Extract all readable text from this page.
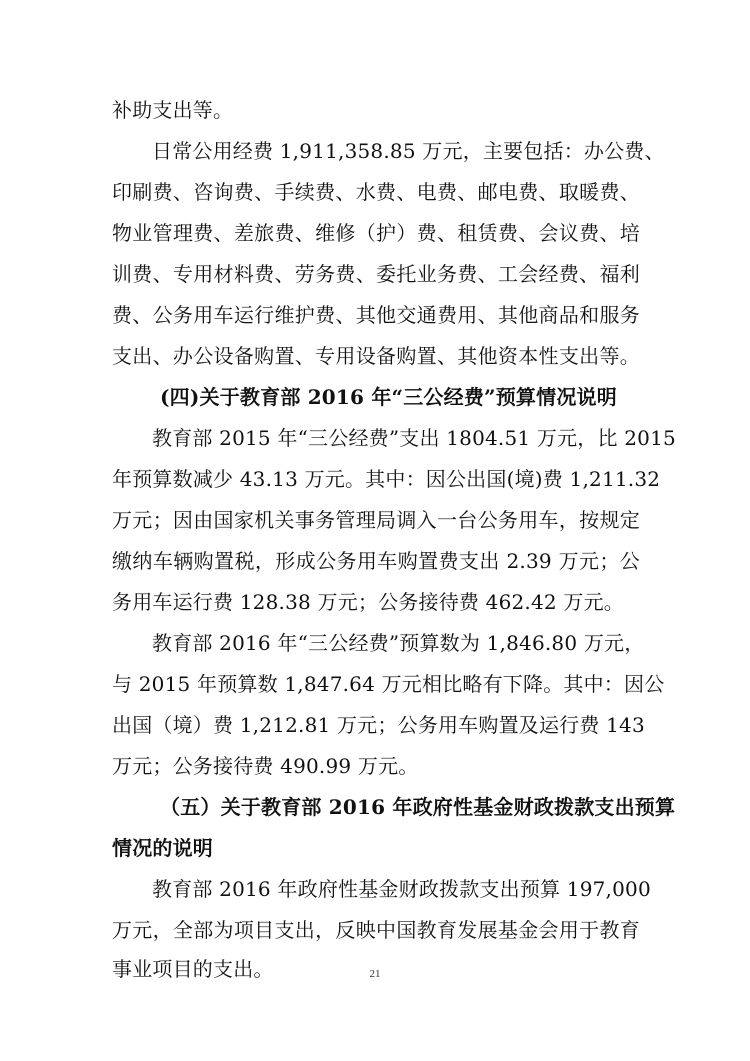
补助支出等。
日常公用经费 1,911,358.85 万元，主要包括：办公费、
印刷费、咨询费、手续费、水费、电费、邮电费、取暖费、
物业管理费、差旅费、维修（护）费、租赁费、会议费、培
训费、专用材料费、劳务费、委托业务费、工会经费、福利
费、公务用车运行维护费、其他交通费用、其他商品和服务
支出、办公设备购置、专用设备购置、其他资本性支出等。
(四)关于教育部 2016 年“三公经费”预算情况说明
教育部 2015 年“三公经费”支出 1804.51 万元，比 2015
年预算数减少 43.13 万元。其中：因公出国(境)费 1,211.32
万元；因由国家机关事务管理局调入一台公务用车，按规定
缴纳车辆购置税，形成公务用车购置费支出 2.39 万元；公
务用车运行费 128.38 万元；公务接待费 462.42 万元。
教育部 2016 年“三公经费”预算数为 1,846.80 万元，
与 2015 年预算数 1,847.64 万元相比略有下降。其中：因公
出国（境）费 1,212.81 万元；公务用车购置及运行费 143
万元；公务接待费 490.99 万元。
（五）关于教育部 2016 年政府性基金财政拨款支出预算
情况的说明
教育部 2016 年政府性基金财政拨款支出预算 197,000
万元，全部为项目支出，反映中国教育发展基金会用于教育
事业项目的支出。	21
